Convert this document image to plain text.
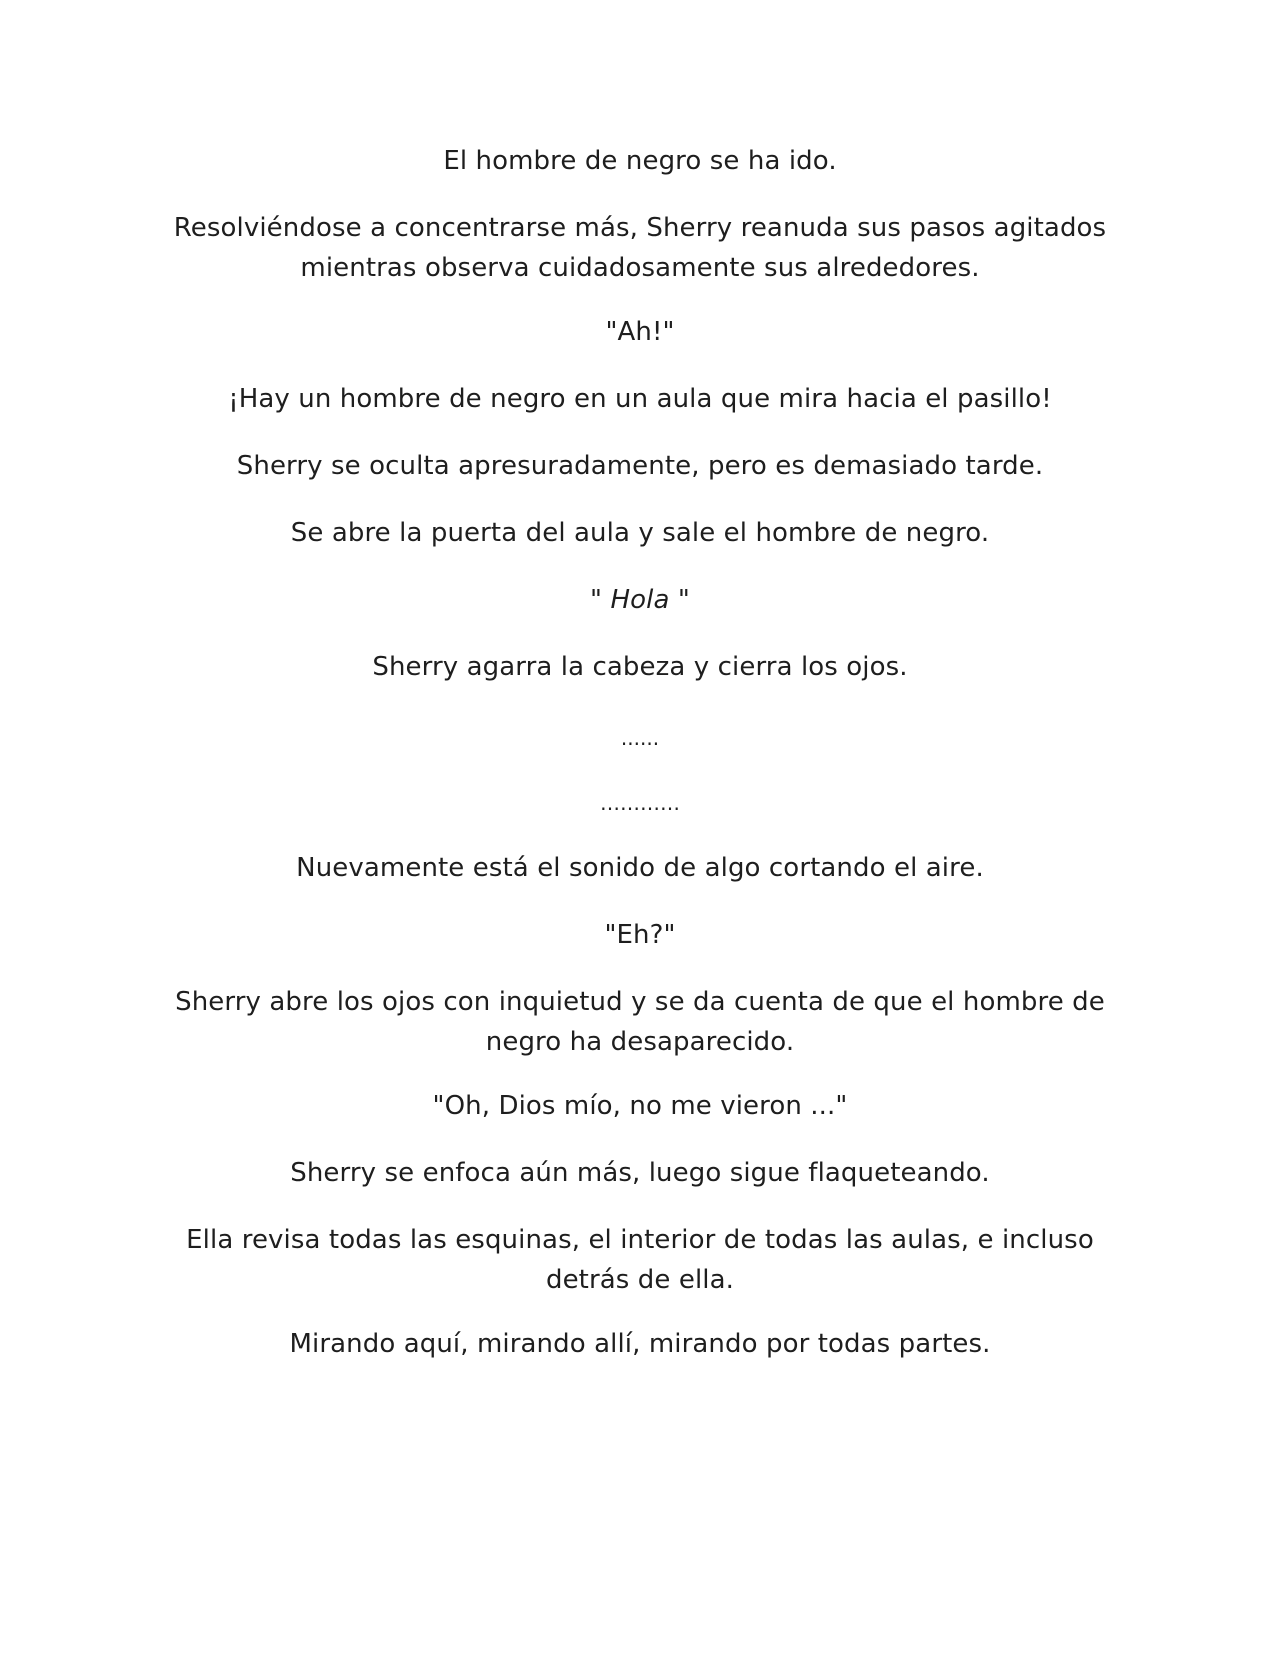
El hombre de negro se ha ido.
Resolviéndose a concentrarse más, Sherry reanuda sus pasos agitados mientras observa cuidadosamente sus alrededores.
"Ah!"
¡Hay un hombre de negro en un aula que mira hacia el pasillo!
Sherry se oculta apresuradamente, pero es demasiado tarde.
Se abre la puerta del aula y sale el hombre de negro.
" Hola "
Sherry agarra la cabeza y cierra los ojos.
......
…………
Nuevamente está el sonido de algo cortando el aire.
"Eh?"
Sherry abre los ojos con inquietud y se da cuenta de que el hombre de negro ha desaparecido.
"Oh, Dios mío, no me vieron ..."
Sherry se enfoca aún más, luego sigue flaqueteando.
Ella revisa todas las esquinas, el interior de todas las aulas, e incluso detrás de ella.
Mirando aquí, mirando allí, mirando por todas partes.
